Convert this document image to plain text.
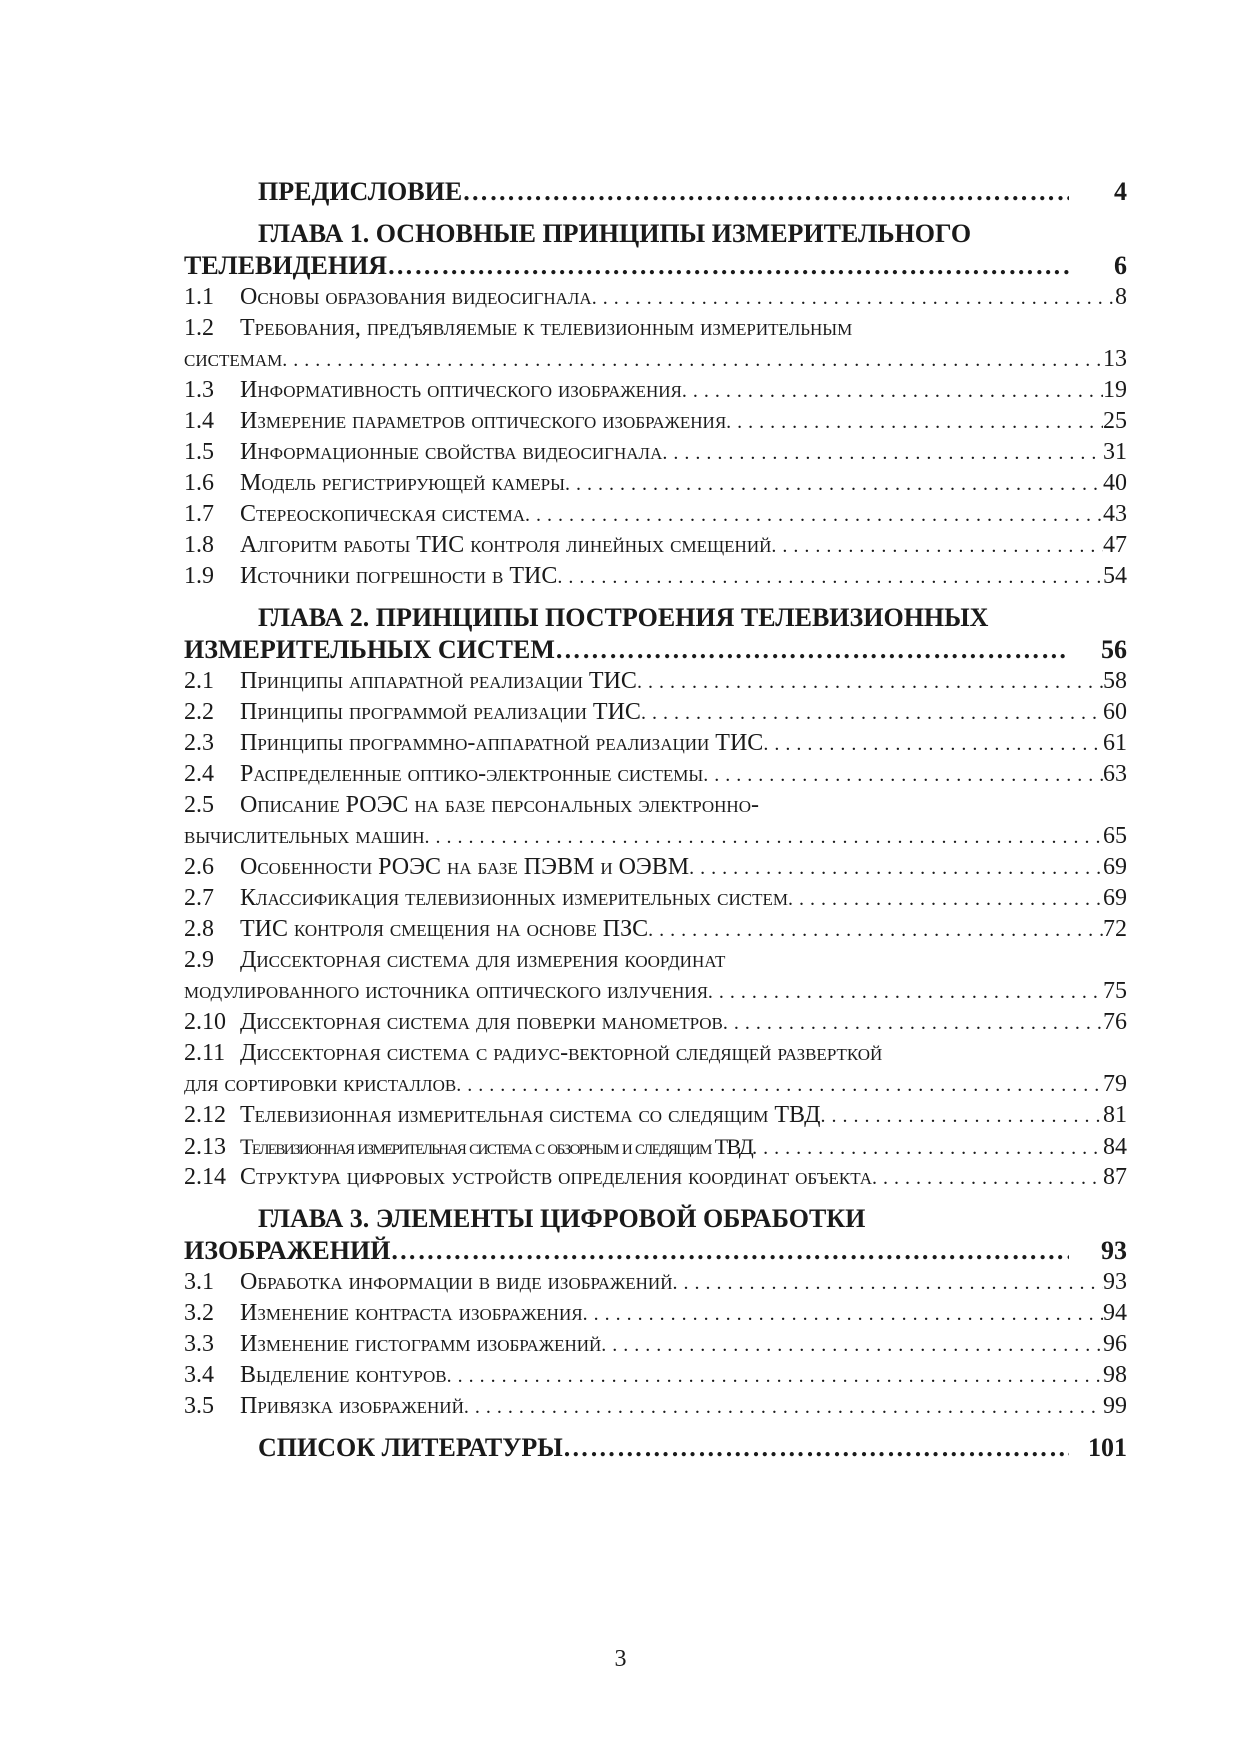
ПРЕДИСЛОВИЕ ………………………………………………………………………………………………………………………………………………	4
ГЛАВА 1. ОСНОВНЫЕ ПРИНЦИПЫ ИЗМЕРИТЕЛЬНОГО
ТЕЛЕВИДЕНИЯ ………………………………………………………………………………………………………………………………………………	6
1.1	Основы образования видеосигнала . . .	8
1.2	Требования, предъявляемые к телевизионным измерительным
системам . . .	13
1.3	Информативность оптического изображения . . .	19
1.4	Измерение параметров оптического изображения . . .	25
1.5	Информационные свойства видеосигнала . . .	31
1.6	Модель регистрирующей камеры . . .	40
1.7	Стереоскопическая система . . .	43
1.8	Алгоритм работы ТИС контроля линейных смещений . . .	47
1.9	Источники погрешности в ТИС . . .	54
ГЛАВА 2. ПРИНЦИПЫ ПОСТРОЕНИЯ ТЕЛЕВИЗИОННЫХ
ИЗМЕРИТЕЛЬНЫХ СИСТЕМ ………………………………………………………………………………………………………………………………………………	56
2.1	Принципы аппаратной реализации ТИС . . .	58
2.2	Принципы программой реализации ТИС . . .	60
2.3	Принципы программно-аппаратной реализации ТИС . . .	61
2.4	Распределенные оптико-электронные системы . . .	63
2.5	Описание РОЭС на базе персональных электронно-
вычислительных машин . . .	65
2.6	Особенности РОЭС на базе ПЭВМ и ОЭВМ . . .	69
2.7	Классификация телевизионных измерительных систем . . .	69
2.8	ТИС контроля смещения на основе ПЗС . . .	72
2.9	Диссекторная система для измерения координат
модулированного источника оптического излучения . . .	75
2.10 Диссекторная система для поверки манометров . . .	76
2.11 Диссекторная система с радиус-векторной следящей разверткой
для сортировки кристаллов . . .	79
2.12 Телевизионная измерительная система со следящим ТВД . . .	81
2.13 Телевизионная измерительная система с обзорным и следящим ТВД . . .	84
2.14 Структура цифровых устройств определения координат объекта . . .	87
ГЛАВА 3. ЭЛЕМЕНТЫ ЦИФРОВОЙ ОБРАБОТКИ
ИЗОБРАЖЕНИЙ ………………………………………………………………………………………………………………………………………………	93
3.1	Обработка информации в виде изображений . . .	93
3.2	Изменение контраста изображения . . .	94
3.3	Изменение гистограмм изображений . . .	96
3.4	Выделение контуров . . .	98
3.5	Привязка изображений . . .	99
СПИСОК ЛИТЕРАТУРЫ ………………………………………………………………………………………………………………………………………………	101
3
